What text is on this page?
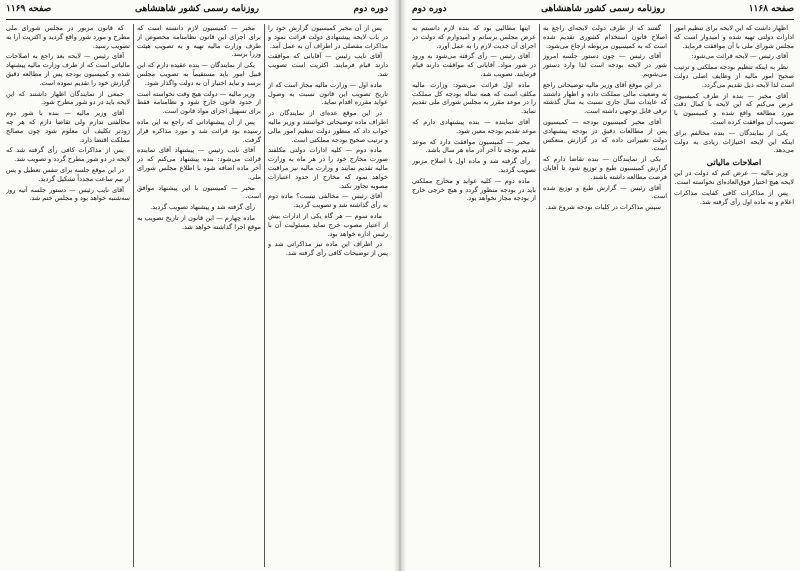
دوره ‌دوم
روزنامه رسمی کشور شاهنشاهی
صفحه ۱۱۶۹

پس از آن مخبر کمیسیون گزارش خود را در باب لایحه پیشنهادی دولت قرائت نمود و مذاکرات مفصلی در اطراف آن به عمل آمد.

آقای نایب رئیس — آقایانی که موافقت دارند قیام فرمایند. اکثریت است تصویب شد.

ماده اول — وزارت مالیه مجاز است که از تاریخ تصویب این قانون نسبت به وصول عواید مقرره اقدام نماید.

در این موقع عده‌ای از نمایندگان در اطراف ماده توضیحاتی خواستند و وزیر مالیه جواب داد که منظور دولت تنظیم امور مالی و ترتیب صحیح بودجه مملکتی است.

ماده دوم — کلیه ادارات دولتی مکلفند صورت مخارج خود را در هر ماه به وزارت مالیه تقدیم نمایند و وزارت مالیه نیز مراقبت خواهد نمود که مخارج از حدود اعتبارات مصوبه تجاوز نکند.

آقای رئیس — مخالفی نیست؟ ماده دوم به رأی گذاشته شد و تصویب گردید.

ماده سوم — هر گاه یکی از ادارات بیش از اعتبار مصوب خرج نماید مسئولیت آن با رئیس اداره خواهد بود.

در اطراف این ماده نیز مذاکراتی شد و پس از توضیحات کافی رأی گرفته شد.

مخبر — کمیسیون لازم دانسته است که برای اجرای این قانون نظامنامه مخصوص از طرف وزارت مالیه تهیه و به تصویب هیئت وزرا برسد.

یکی از نمایندگان — بنده عقیده دارم که این قبیل امور باید مستقیماً به تصویب مجلس برسد و نباید اختیار آن به دولت واگذار شود.

وزیر مالیه — دولت هیچ وقت نخواسته است از حدود قانون خارج شود و نظامنامه فقط برای تسهیل اجرای مواد قانون است.

پس از آن پیشنهاداتی که راجع به این ماده رسیده بود قرائت شد و مورد مذاکره قرار گرفت.

آقای نایب رئیس — پیشنهاد آقای نماینده قرائت می‌شود: بنده پیشنهاد می‌کنم که در آخر ماده اضافه شود با اطلاع مجلس شورای ملی.

مخبر — کمیسیون با این پیشنهاد موافق است.

رأی گرفته شد و پیشنهاد تصویب گردید.

ماده چهارم — این قانون از تاریخ تصویب به موقع اجرا گذاشته خواهد شد.

که قانون مزبور در مجلس شورای ملی مطرح و مورد شور واقع گردید و اکثریت آرا به تصویب رسید.

آقای رئیس — لایحه بعد راجع به اصلاحات مالیاتی است که از طرف وزارت مالیه پیشنهاد شده و کمیسیون بودجه پس از مطالعه دقیق گزارش خود را تقدیم نموده است.

جمعی از نمایندگان اظهار داشتند که این لایحه باید در دو شور مطرح شود.

آقای وزیر مالیه — بنده با شور دوم مخالفتی ندارم ولی تقاضا دارم که هر چه زودتر تکلیف آن معلوم شود چون مصالح مملکت اقتضا دارد.

پس از مذاکرات کافی رأی گرفته شد که لایحه در دو شور مطرح گردد و تصویب شد.

در این موقع جلسه برای تنفس تعطیل و پس از نیم ساعت مجدداً تشکیل گردید.

آقای نایب رئیس — دستور جلسه آتیه روز سه‌شنبه خواهد بود و مجلس ختم شد.

دوره ‌دوم	روزنامه رسمی کشور شاهنشاهی	صفحه ۱۱۶۸

اظهار داشت که این لایحه برای تنظیم امور ادارات دولتی تهیه شده و امیدوار است که مجلس شورای ملی با آن موافقت فرماید.

آقای رئیس — لایحه قرائت می‌شود:

نظر به اینکه تنظیم بودجه مملکتی و ترتیب صحیح امور مالیه از وظایف اصلی دولت است لذا لایحه ذیل تقدیم می‌گردد.

آقای مخبر — بنده از طرف کمیسیون عرض می‌کنم که این لایحه با کمال دقت مورد مطالعه واقع شده و کمیسیون با تصویب آن موافقت کرده است.

یکی از نمایندگان — بنده مخالفم برای اینکه این لایحه اختیارات زیادی به دولت می‌دهد.

اصلاحات مالیاتی

وزیر مالیه — عرض کنم که دولت در این لایحه هیچ اختیار فوق‌العاده‌ای نخواسته است.

پس از مذاکرات کافی کفایت مذاکرات اعلام و به ماده اول رأی گرفته شد.

گفتند که از طرف دولت لایحه‌ای راجع به اصلاح قانون استخدام کشوری تقدیم شده است که به کمیسیون مربوطه ارجاع می‌شود.

آقای رئیس — چون دستور جلسه امروز شور در لایحه بودجه است لذا وارد دستور می‌شویم.

در این موقع آقای وزیر مالیه توضیحاتی راجع به وضعیت مالی مملکت داده و اظهار داشتند که عایدات سال جاری نسبت به سال گذشته ترقی قابل توجهی داشته است.

آقای مخبر کمیسیون بودجه — کمیسیون پس از مطالعات دقیق در بودجه پیشنهادی دولت تغییراتی داده که در گزارش منعکس است.

یکی از نمایندگان — بنده تقاضا دارم که گزارش کمیسیون طبع و توزیع شود تا آقایان فرصت مطالعه داشته باشند.

آقای رئیس — گزارش طبع و توزیع شده است.

سپس مذاکرات در کلیات بودجه شروع شد.

اینها مطالبی بود که بنده لازم دانستم به عرض مجلس برسانم و امیدوارم که دولت در اجرای آن جدیت لازم را به عمل آورد.

آقای رئیس — رأی گرفته می‌شود به ورود در شور مواد. آقایانی که موافقت دارند قیام فرمایند. تصویب شد.

ماده اول قرائت می‌شود: وزارت مالیه مکلف است که همه ساله بودجه کل مملکت را در موعد مقرر به مجلس شورای ملی تقدیم نماید.

آقای نماینده — بنده پیشنهادی دارم که موعد تقدیم بودجه معین شود.

مخبر — کمیسیون موافقت دارد که موعد تقدیم بودجه تا آخر آذر ماه هر سال باشد.

رأی گرفته شد و ماده اول با اصلاح مزبور تصویب گردید.

ماده دوم — کلیه عواید و مخارج مملکتی باید در بودجه منظور گردد و هیچ خرجی خارج از بودجه مجاز نخواهد بود.
